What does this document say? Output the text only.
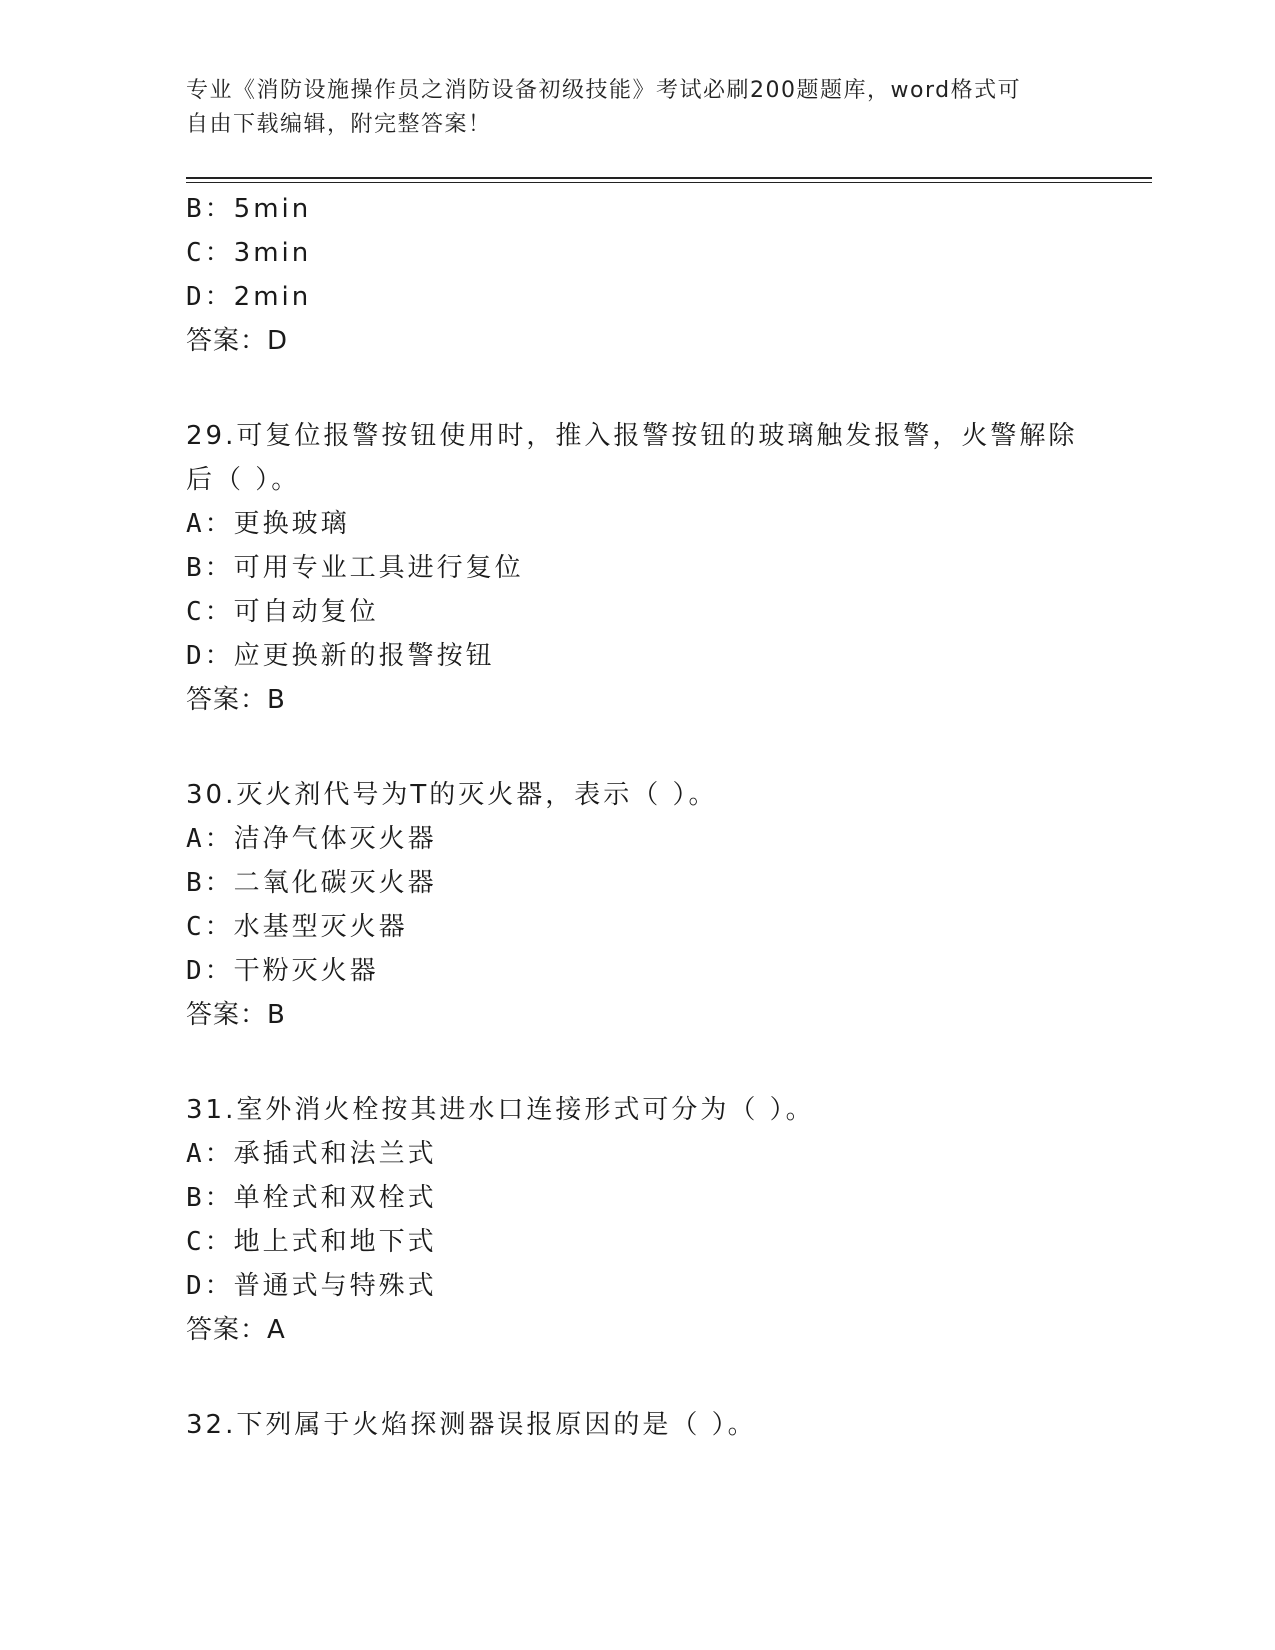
专业《消防设施操作员之消防设备初级技能》考试必刷200题题库，word格式可
自由下载编辑，附完整答案！
B：5min
C：3min
D：2min
答案：D
29.可复位报警按钮使用时，推入报警按钮的玻璃触发报警，火警解除
后（ ）。
A：更换玻璃
B：可用专业工具进行复位
C：可自动复位
D：应更换新的报警按钮
答案：B
30.灭火剂代号为T的灭火器，表示（ ）。
A：洁净气体灭火器
B：二氧化碳灭火器
C：水基型灭火器
D：干粉灭火器
答案：B
31.室外消火栓按其进水口连接形式可分为（ ）。
A：承插式和法兰式
B：单栓式和双栓式
C：地上式和地下式
D：普通式与特殊式
答案：A
32.下列属于火焰探测器误报原因的是（ ）。
